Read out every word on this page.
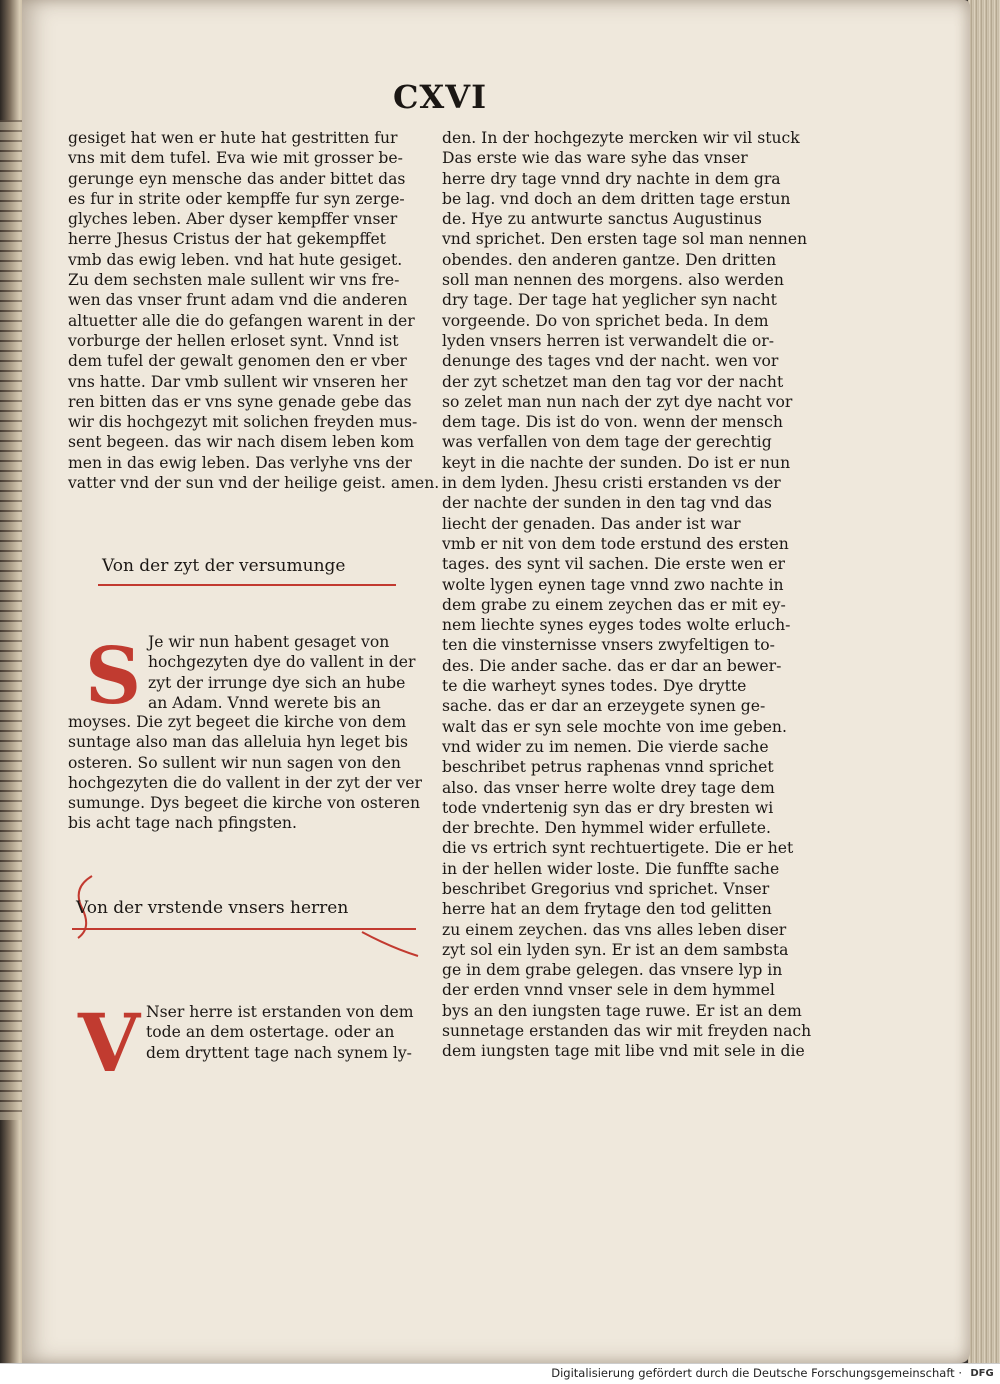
CXVI
gesiget hat wen er hute hat gestritten fur
vns mit dem tufel. Eva wie mit grosser be-
gerunge eyn mensche das ander bittet das
es fur in strite oder kempffe fur syn zerge-
glyches leben. Aber dyser kempffer vnser
herre Jhesus Cristus der hat gekempffet
vmb das ewig leben. vnd hat hute gesiget.
Zu dem sechsten male sullent wir vns fre-
wen das vnser frunt adam vnd die anderen
altuetter alle die do gefangen warent in der
vorburge der hellen erloset synt. Vnnd ist
dem tufel der gewalt genomen den er vber
vns hatte. Dar vmb sullent wir vnseren her
ren bitten das er vns syne genade gebe das
wir dis hochgezyt mit solichen freyden mus-
sent begeen. das wir nach disem leben kom
men in das ewig leben. Das verlyhe vns der
vatter vnd der sun vnd der heilige geist. amen.
Von der zyt der versumunge
S Je wir nun habent gesaget von
hochgezyten dye do vallent in der
zyt der irrunge dye sich an hube
an Adam. Vnnd werete bis an
moyses. Die zyt begeet die kirche von dem
suntage also man das alleluia hyn leget bis
osteren. So sullent wir nun sagen von den
hochgezyten die do vallent in der zyt der ver
sumunge. Dys begeet die kirche von osteren
bis acht tage nach pfingsten.
Von der vrstende vnsers herren
V Nser herre ist erstanden von dem
tode an dem ostertage. oder an
dem dryttent tage nach synem ly-
den. In der hochgezyte mercken wir vil stuck
Das erste wie das ware syhe das vnser
herre dry tage vnnd dry nachte in dem gra
be lag. vnd doch an dem dritten tage erstun
de. Hye zu antwurte sanctus Augustinus
vnd sprichet. Den ersten tage sol man nennen
obendes. den anderen gantze. Den dritten
soll man nennen des morgens. also werden
dry tage. Der tage hat yeglicher syn nacht
vorgeende. Do von sprichet beda. In dem
lyden vnsers herren ist verwandelt die or-
denunge des tages vnd der nacht. wen vor
der zyt schetzet man den tag vor der nacht
so zelet man nun nach der zyt dye nacht vor
dem tage. Dis ist do von. wenn der mensch
was verfallen von dem tage der gerechtig
keyt in die nachte der sunden. Do ist er nun
in dem lyden. Jhesu cristi erstanden vs der
der nachte der sunden in den tag vnd das
liecht der genaden. Das ander ist war
vmb er nit von dem tode erstund des ersten
tages. des synt vil sachen. Die erste wen er
wolte lygen eynen tage vnnd zwo nachte in
dem grabe zu einem zeychen das er mit ey-
nem liechte synes eyges todes wolte erluch-
ten die vinsternisse vnsers zwyfeltigen to-
des. Die ander sache. das er dar an bewer-
te die warheyt synes todes. Dye drytte
sache. das er dar an erzeygete synen ge-
walt das er syn sele mochte von ime geben.
vnd wider zu im nemen. Die vierde sache
beschribet petrus raphenas vnnd sprichet
also. das vnser herre wolte drey tage dem
tode vndertenig syn das er dry bresten wi
der brechte. Den hymmel wider erfullete.
die vs ertrich synt rechtuertigete. Die er het
in der hellen wider loste. Die funffte sache
beschribet Gregorius vnd sprichet. Vnser
herre hat an dem frytage den tod gelitten
zu einem zeychen. das vns alles leben diser
zyt sol ein lyden syn. Er ist an dem sambsta
ge in dem grabe gelegen. das vnsere lyp in
der erden vnnd vnser sele in dem hymmel
bys an den iungsten tage ruwe. Er ist an dem
sunnetage erstanden das wir mit freyden nach
dem iungsten tage mit libe vnd mit sele in die
Digitalisierung gefördert durch die Deutsche Forschungsgemeinschaft · DFG
